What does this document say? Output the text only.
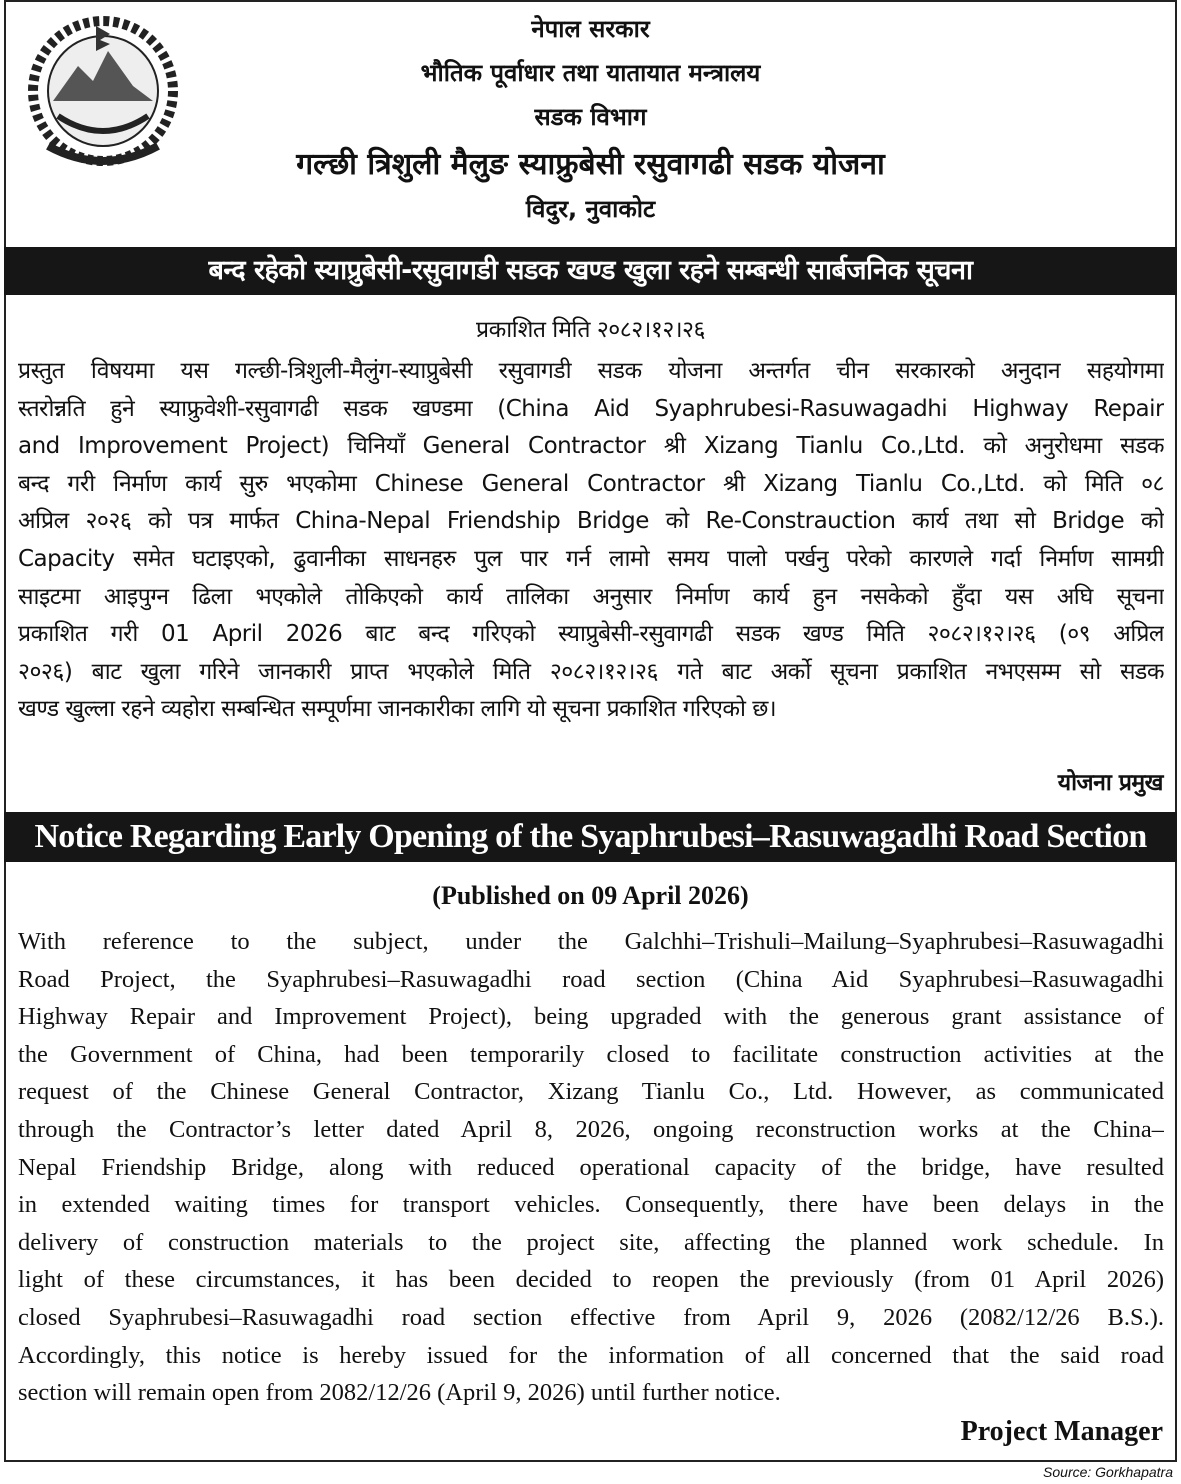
नेपाल सरकार
भौतिक पूर्वाधार तथा यातायात मन्त्रालय
सडक विभाग
गल्छी त्रिशुली मैलुङ स्याफ्रुबेसी रसुवागढी सडक योजना
विदुर, नुवाकोट
बन्द रहेको स्याप्रुबेसी-रसुवागडी सडक खण्ड खुला रहने सम्बन्धी सार्बजनिक सूचना
प्रकाशित मिति २०८२।१२।२६
प्रस्तुत विषयमा यस गल्छी-त्रिशुली-मैलुंग-स्याप्रुबेसी रसुवागडी सडक योजना अन्तर्गत चीन सरकारको अनुदान सहयोगमा
स्तरोन्नति हुने स्याफ्रुवेशी-रसुवागढी सडक खण्डमा (China Aid Syaphrubesi-Rasuwagadhi Highway Repair
and Improvement Project) चिनियाँ General Contractor श्री Xizang Tianlu Co.,Ltd. को अनुरोधमा सडक
बन्द गरी निर्माण कार्य सुरु भएकोमा Chinese General Contractor श्री Xizang Tianlu Co.,Ltd. को मिति ०८
अप्रिल २०२६ को पत्र मार्फत China-Nepal Friendship Bridge को Re-Constrauction कार्य तथा सो Bridge को
Capacity समेत घटाइएको, ढुवानीका साधनहरु पुल पार गर्न लामो समय पालो पर्खनु परेको कारणले गर्दा निर्माण सामग्री
साइटमा आइपुग्न ढिला भएकोले तोकिएको कार्य तालिका अनुसार निर्माण कार्य हुन नसकेको हुँदा यस अघि सूचना
प्रकाशित गरी 01 April 2026 बाट बन्द गरिएको स्याप्रुबेसी-रसुवागढी सडक खण्ड मिति २०८२।१२।२६ (०९ अप्रिल
२०२६) बाट खुला गरिने जानकारी प्राप्त भएकोले मिति २०८२।१२।२६ गते बाट अर्को सूचना प्रकाशित नभएसम्म सो सडक
खण्ड खुल्ला रहने व्यहोरा सम्बन्धित सम्पूर्णमा जानकारीका लागि यो सूचना प्रकाशित गरिएको छ।
योजना प्रमुख
Notice Regarding Early Opening of the Syaphrubesi–Rasuwagadhi Road Section
(Published on 09 April 2026)
With reference to the subject, under the Galchhi–Trishuli–Mailung–Syaphrubesi–Rasuwagadhi
Road Project, the Syaphrubesi–Rasuwagadhi road section (China Aid Syaphrubesi–Rasuwagadhi
Highway Repair and Improvement Project), being upgraded with the generous grant assistance of
the Government of China, had been temporarily closed to facilitate construction activities at the
request of the Chinese General Contractor, Xizang Tianlu Co., Ltd. However, as communicated
through the Contractor’s letter dated April 8, 2026, ongoing reconstruction works at the China–
Nepal Friendship Bridge, along with reduced operational capacity of the bridge, have resulted
in extended waiting times for transport vehicles. Consequently, there have been delays in the
delivery of construction materials to the project site, affecting the planned work schedule. In
light of these circumstances, it has been decided to reopen the previously (from 01 April 2026)
closed Syaphrubesi–Rasuwagadhi road section effective from April 9, 2026 (2082/12/26 B.S.).
Accordingly, this notice is hereby issued for the information of all concerned that the said road
section will remain open from 2082/12/26 (April 9, 2026) until further notice.
Project Manager
Source: Gorkhapatra
